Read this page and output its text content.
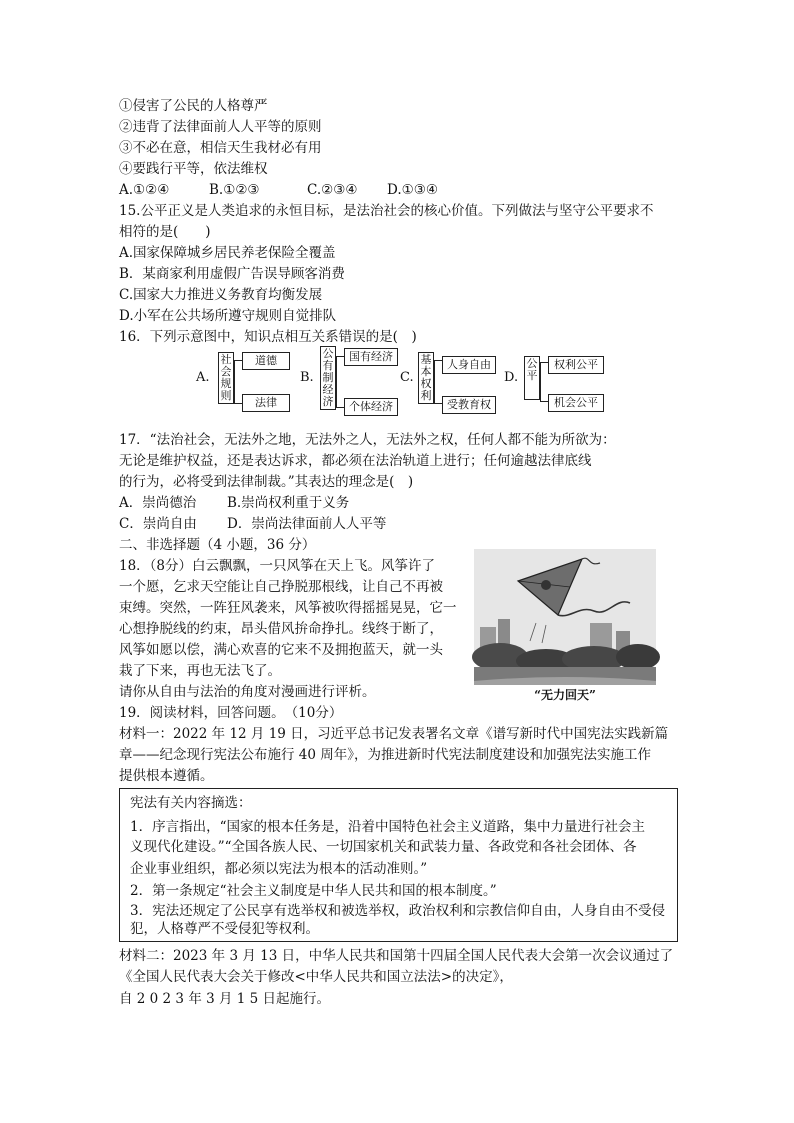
①侵害了公民的人格尊严
②违背了法律面前人人平等的原则
③不必在意，相信天生我材必有用
④要践行平等，依法维权
A.①②④	B.①②③	C.②③④ D.①③④
15.公平正义是人类追求的永恒目标，是法治社会的核心价值。下列做法与坚守公平要求不
相符的是(　　)
A.国家保障城乡居民养老保险全覆盖
B．某商家利用虚假广告误导顾客消费
C.国家大力推进义务教育均衡发展
D.小军在公共场所遵守规则自觉排队
16．下列示意图中，知识点相互关系错误的是(　)
A.
社
会
规
则
道德
法律
B.
公
有
制
经
济
国有经济
个体经济
C.
基
本
权
利
人身自由
受教育权
D.
公
平
权利公平
机会公平
17．“法治社会，无法外之地，无法外之人，无法外之权，任何人都不能为所欲为：
无论是维护权益，还是表达诉求，都必须在法治轨道上进行；任何逾越法律底线
的行为，必将受到法律制裁。”其表达的理念是(　)
A．崇尚德治 B.崇尚权利重于义务
C．崇尚自由 D．崇尚法律面前人人平等
二、非选择题（4 小题，36 分）
18．（8分）白云飘飘，一只风筝在天上飞。风筝许了
一个愿，乞求天空能让自己挣脱那根线，让自己不再被
束缚。突然，一阵狂风袭来，风筝被吹得摇摇晃晃，它一
心想挣脱线的约束，昂头借风拚命挣扎。线终于断了，
风筝如愿以偿，满心欢喜的它来不及拥抱蓝天，就一头
栽了下来，再也无法飞了。
请你从自由与法治的角度对漫画进行评析。	“无力回天”
19．阅读材料，回答问题。　（10分）
材料一：2022 年 12 月 19 日，习近平总书记发表署名文章《谱写新时代中国宪法实践新篇
章——纪念现行宪法公布施行 40 周年》，为推进新时代宪法制度建设和加强宪法实施工作
提供根本遵循。
宪法有关内容摘选：
1．序言指出，“国家的根本任务是，沿着中国特色社会主义道路，集中力量进行社会主
义现代化建设。”“全国各族人民、一切国家机关和武装力量、各政党和各社会团体、各
企业事业组织，都必须以宪法为根本的活动准则。”
2．第一条规定“社会主义制度是中华人民共和国的根本制度。”
3．宪法还规定了公民享有选举权和被选举权，政治权利和宗教信仰自由，人身自由不受侵
犯，人格尊严不受侵犯等权利。
材料二：2023 年 3 月 13 日，中华人民共和国第十四届全国人民代表大会第一次会议通过了
《全国人民代表大会关于修改<中华人民共和国立法法>的决定》，
自 2 0 2 3 年 3 月 1 5 日起施行。
